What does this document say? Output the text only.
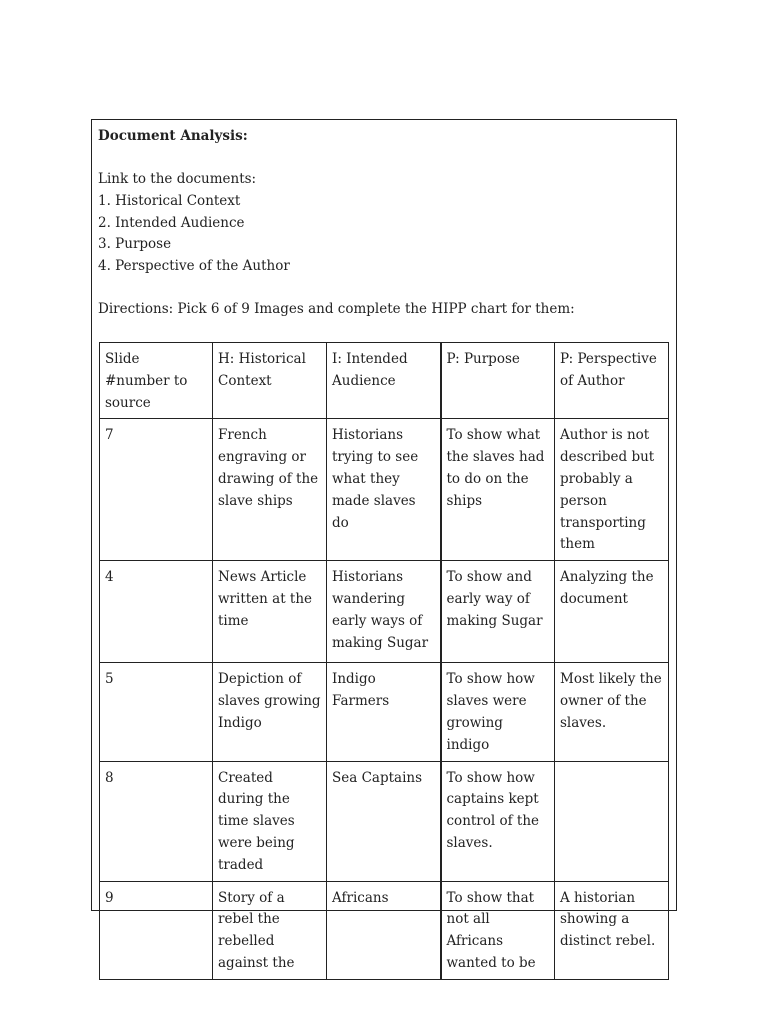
Document Analysis:

Link to the documents:

1. Historical Context

2. Intended Audience

3. Purpose

4. Perspective of the Author

Directions: Pick 6 of 9 Images and complete the HIPP chart for them:

Slide #number to source	H: Historical Context	I: Intended Audience	P: Purpose	P: Perspective of Author
7	French engraving or drawing of the slave ships	Historians trying to see what they made slaves do	To show what the slaves had to do on the ships	Author is not described but probably a person transporting them
4	News Article written at the time	Historians wandering early ways of making Sugar	To show and early way of making Sugar	Analyzing the document
5	Depiction of slaves growing Indigo	Indigo Farmers	To show how slaves were growing indigo	Most likely the owner of the slaves.
8	Created during the time slaves were being traded	Sea Captains	To show how captains kept control of the slaves.	
9	Story of a rebel the rebelled against the	Africans	To show that not all Africans wanted to be	A historian showing a distinct rebel.
